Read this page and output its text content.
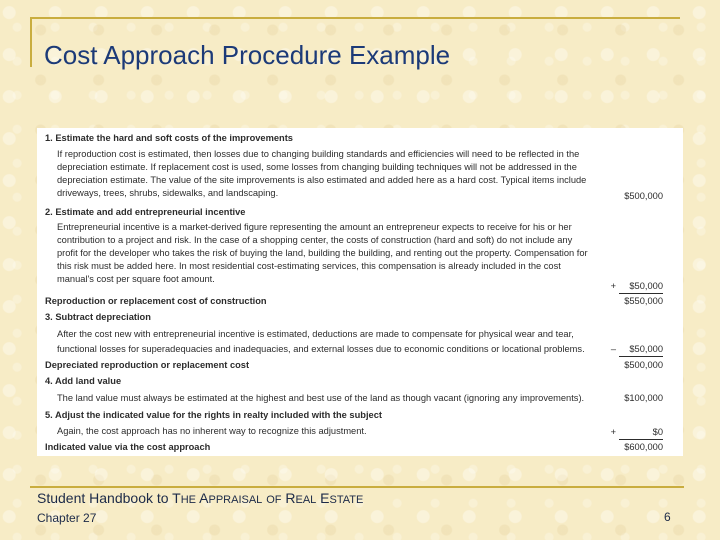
Cost Approach Procedure Example
1. Estimate the hard and soft costs of the improvements
If reproduction cost is estimated, then losses due to changing building standards and efficiencies will need to be reflected in the
depreciation estimate. If replacement cost is used, some losses from changing building techniques will not be addressed in the
depreciation estimate. The value of the site improvements is also estimated and added here as a hard cost. Typical items include
driveways, trees, shrubs, sidewalks, and landscaping.	$500,000
2. Estimate and add entrepreneurial incentive
Entrepreneurial incentive is a market-derived figure representing the amount an entrepreneur expects to receive for his or her
contribution to a project and risk. In the case of a shopping center, the costs of construction (hard and soft) do not include any
profit for the developer who takes the risk of buying the land, building the building, and renting out the property. Compensation for
this risk must be added here. In most residential cost-estimating services, this compensation is already included in the cost
manual's cost per square foot amount.
+	$50,000
Reproduction or replacement cost of construction	$550,000
3. Subtract depreciation
After the cost new with entrepreneurial incentive is estimated, deductions are made to compensate for physical wear and tear,
functional losses for superadequacies and inadequacies, and external losses due to economic conditions or locational problems.	–	$50,000
Depreciated reproduction or replacement cost	$500,000
4. Add land value
The land value must always be estimated at the highest and best use of the land as though vacant (ignoring any improvements).	$100,000
5. Adjust the indicated value for the rights in realty included with the subject
Again, the cost approach has no inherent way to recognize this adjustment.	+	$0
Indicated value via the cost approach	$600,000
Student Handbook to THE APPRAISAL OF REAL ESTATE
Chapter 27	6
